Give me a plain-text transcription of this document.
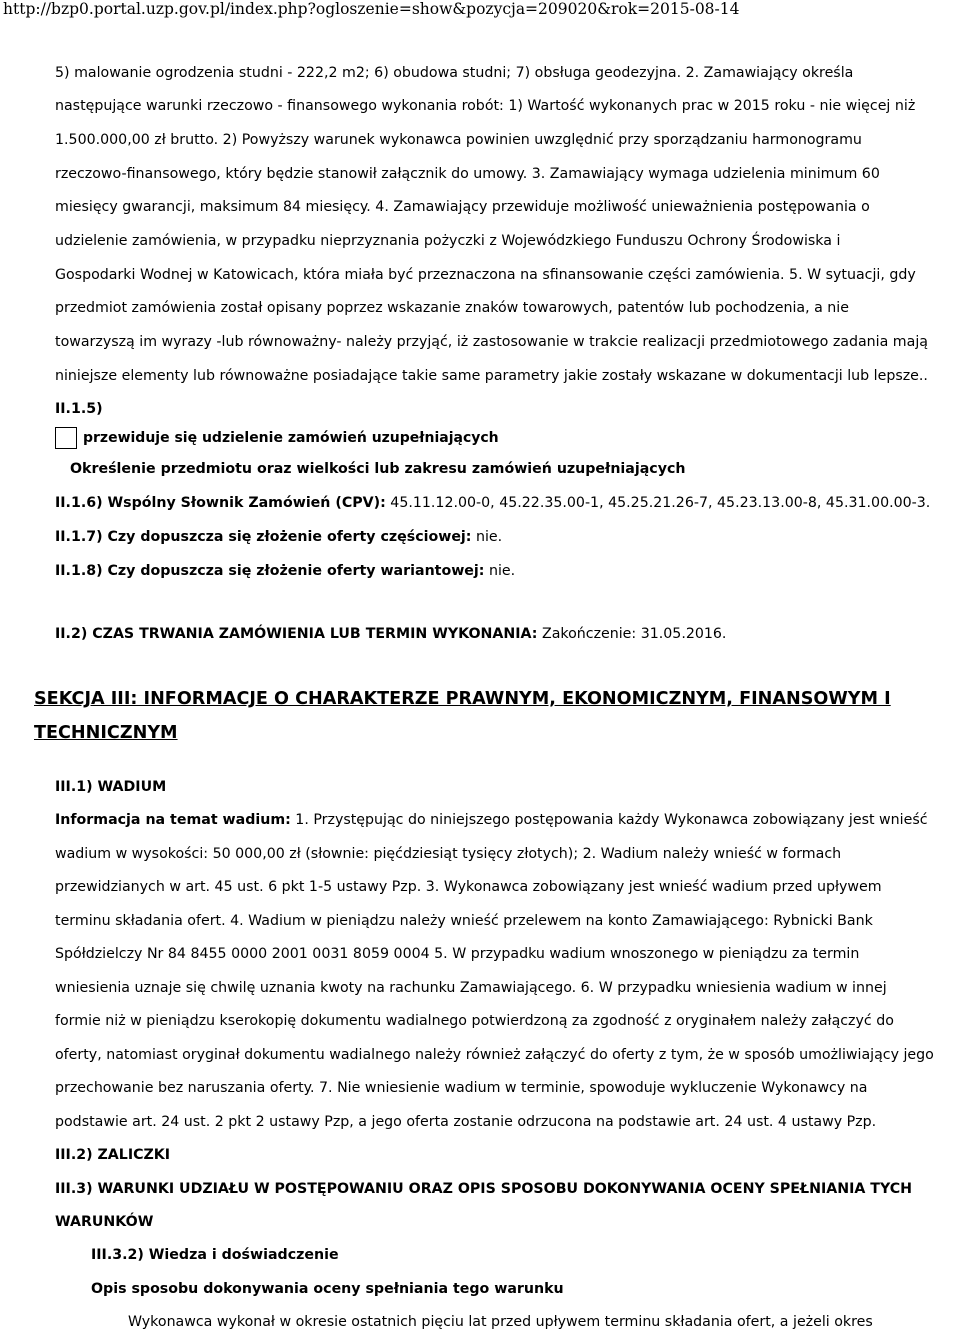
http://bzp0.portal.uzp.gov.pl/index.php?ogloszenie=show&pozycja=209020&rok=2015-08-14
5) malowanie ogrodzenia studni - 222,2 m2; 6) obudowa studni; 7) obsługa geodezyjna. 2. Zamawiający określa
następujące warunki rzeczowo - finansowego wykonania robót: 1) Wartość wykonanych prac w 2015 roku - nie więcej niż
1.500.000,00 zł brutto. 2) Powyższy warunek wykonawca powinien uwzględnić przy sporządzaniu harmonogramu
rzeczowo-finansowego, który będzie stanowił załącznik do umowy. 3. Zamawiający wymaga udzielenia minimum 60
miesięcy gwarancji, maksimum 84 miesięcy. 4. Zamawiający przewiduje możliwość unieważnienia postępowania o
udzielenie zamówienia, w przypadku nieprzyznania pożyczki z Wojewódzkiego Funduszu Ochrony Środowiska i
Gospodarki Wodnej w Katowicach, która miała być przeznaczona na sfinansowanie części zamówienia. 5. W sytuacji, gdy
przedmiot zamówienia został opisany poprzez wskazanie znaków towarowych, patentów lub pochodzenia, a nie
towarzyszą im wyrazy -lub równoważny- należy przyjąć, iż zastosowanie w trakcie realizacji przedmiotowego zadania mają
niniejsze elementy lub równoważne posiadające takie same parametry jakie zostały wskazane w dokumentacji lub lepsze..
II.1.5)
przewiduje się udzielenie zamówień uzupełniających
Określenie przedmiotu oraz wielkości lub zakresu zamówień uzupełniających
II.1.6) Wspólny Słownik Zamówień (CPV): 45.11.12.00-0, 45.22.35.00-1, 45.25.21.26-7, 45.23.13.00-8, 45.31.00.00-3.
II.1.7) Czy dopuszcza się złożenie oferty częściowej: nie.
II.1.8) Czy dopuszcza się złożenie oferty wariantowej: nie.
II.2) CZAS TRWANIA ZAMÓWIENIA LUB TERMIN WYKONANIA: Zakończenie: 31.05.2016.
SEKCJA III: INFORMACJE O CHARAKTERZE PRAWNYM, EKONOMICZNYM, FINANSOWYM I
TECHNICZNYM
III.1) WADIUM
Informacja na temat wadium: 1. Przystępując do niniejszego postępowania każdy Wykonawca zobowiązany jest wnieść
wadium w wysokości: 50 000,00 zł (słownie: pięćdziesiąt tysięcy złotych); 2. Wadium należy wnieść w formach
przewidzianych w art. 45 ust. 6 pkt 1-5 ustawy Pzp. 3. Wykonawca zobowiązany jest wnieść wadium przed upływem
terminu składania ofert. 4. Wadium w pieniądzu należy wnieść przelewem na konto Zamawiającego: Rybnicki Bank
Spółdzielczy Nr 84 8455 0000 2001 0031 8059 0004 5. W przypadku wadium wnoszonego w pieniądzu za termin
wniesienia uznaje się chwilę uznania kwoty na rachunku Zamawiającego. 6. W przypadku wniesienia wadium w innej
formie niż w pieniądzu kserokopię dokumentu wadialnego potwierdzoną za zgodność z oryginałem należy załączyć do
oferty, natomiast oryginał dokumentu wadialnego należy również załączyć do oferty z tym, że w sposób umożliwiający jego
przechowanie bez naruszania oferty. 7. Nie wniesienie wadium w terminie, spowoduje wykluczenie Wykonawcy na
podstawie art. 24 ust. 2 pkt 2 ustawy Pzp, a jego oferta zostanie odrzucona na podstawie art. 24 ust. 4 ustawy Pzp.
III.2) ZALICZKI
III.3) WARUNKI UDZIAŁU W POSTĘPOWANIU ORAZ OPIS SPOSOBU DOKONYWANIA OCENY SPEŁNIANIA TYCH
WARUNKÓW
III.3.2) Wiedza i doświadczenie
Opis sposobu dokonywania oceny spełniania tego warunku
Wykonawca wykonał w okresie ostatnich pięciu lat przed upływem terminu składania ofert, a jeżeli okres
